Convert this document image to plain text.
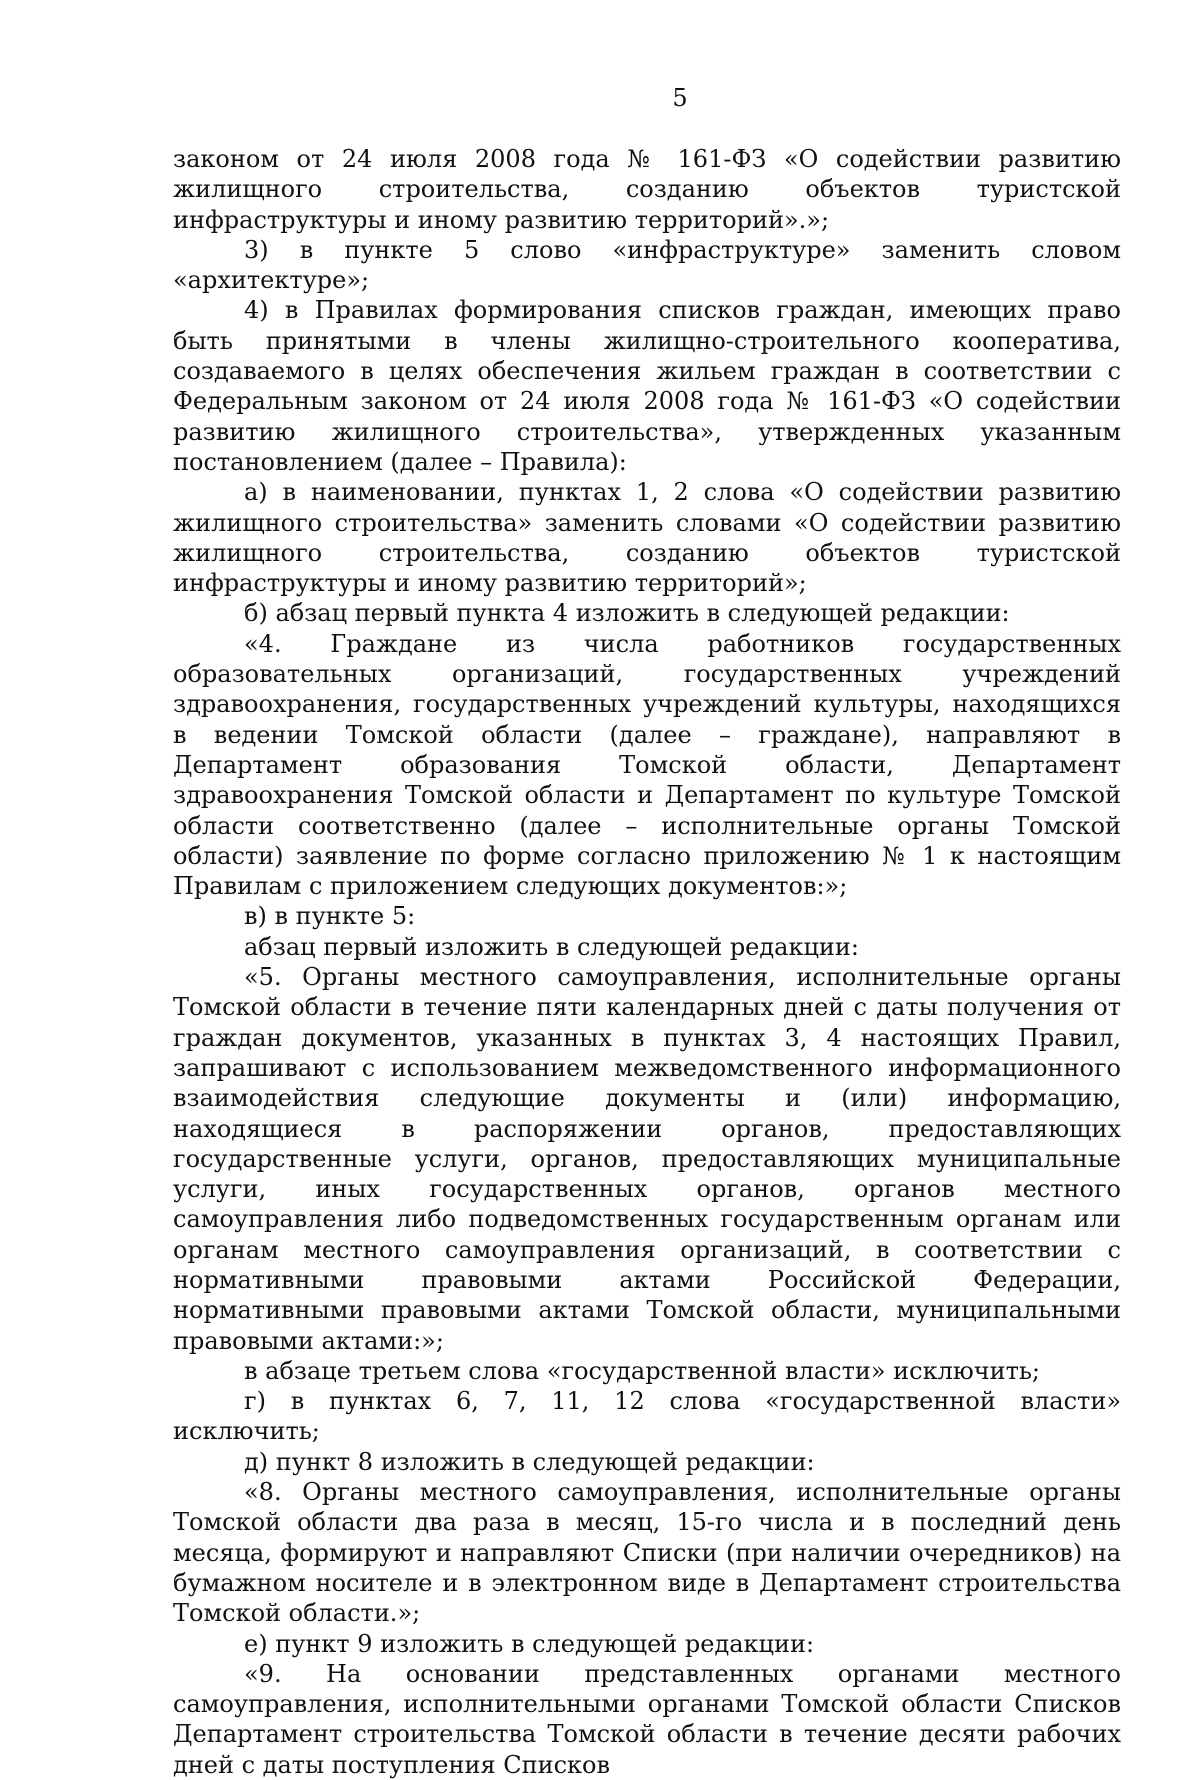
5

законом от 24 июля 2008 года № 161-ФЗ «О содействии развитию жилищного строительства, созданию объектов туристской инфраструктуры и иному развитию территорий».»;

3) в пункте 5 слово «инфраструктуре» заменить словом «архитектуре»;

4) в Правилах формирования списков граждан, имеющих право быть принятыми в члены жилищно-строительного кооператива, создаваемого в целях обеспечения жильем граждан в соответствии с Федеральным законом от 24 июля 2008 года № 161-ФЗ «О содействии развитию жилищного строительства», утвержденных указанным постановлением (далее – Правила):

а) в наименовании, пунктах 1, 2 слова «О содействии развитию жилищного строительства» заменить словами «О содействии развитию жилищного строительства, созданию объектов туристской инфраструктуры и иному развитию территорий»;

б) абзац первый пункта 4 изложить в следующей редакции:

«4. Граждане из числа работников государственных образовательных организаций, государственных учреждений здравоохранения, государственных учреждений культуры, находящихся в ведении Томской области (далее – граждане), направляют в Департамент образования Томской области, Департамент здравоохранения Томской области и Департамент по культуре Томской области соответственно (далее – исполнительные органы Томской области) заявление по форме согласно приложению № 1 к настоящим Правилам с приложением следующих документов:»;

в) в пункте 5:

абзац первый изложить в следующей редакции:

«5. Органы местного самоуправления, исполнительные органы Томской области в течение пяти календарных дней с даты получения от граждан документов, указанных в пунктах 3, 4 настоящих Правил, запрашивают с использованием межведомственного информационного взаимодействия следующие документы и (или) информацию, находящиеся в распоряжении органов, предоставляющих государственные услуги, органов, предоставляющих муниципальные услуги, иных государственных органов, органов местного самоуправления либо подведомственных государственным органам или органам местного самоуправления организаций, в соответствии с нормативными правовыми актами Российской Федерации, нормативными правовыми актами Томской области, муниципальными правовыми актами:»;

в абзаце третьем слова «государственной власти» исключить;

г) в пунктах 6, 7, 11, 12 слова «государственной власти» исключить;

д) пункт 8 изложить в следующей редакции:

«8. Органы местного самоуправления, исполнительные органы Томской области два раза в месяц, 15-го числа и в последний день месяца, формируют и направляют Списки (при наличии очередников) на бумажном носителе и в электронном виде в Департамент строительства Томской области.»;

е) пункт 9 изложить в следующей редакции:

«9. На основании представленных органами местного самоуправления, исполнительными органами Томской области Списков Департамент строительства Томской области в течение десяти рабочих дней с даты поступления Списков
